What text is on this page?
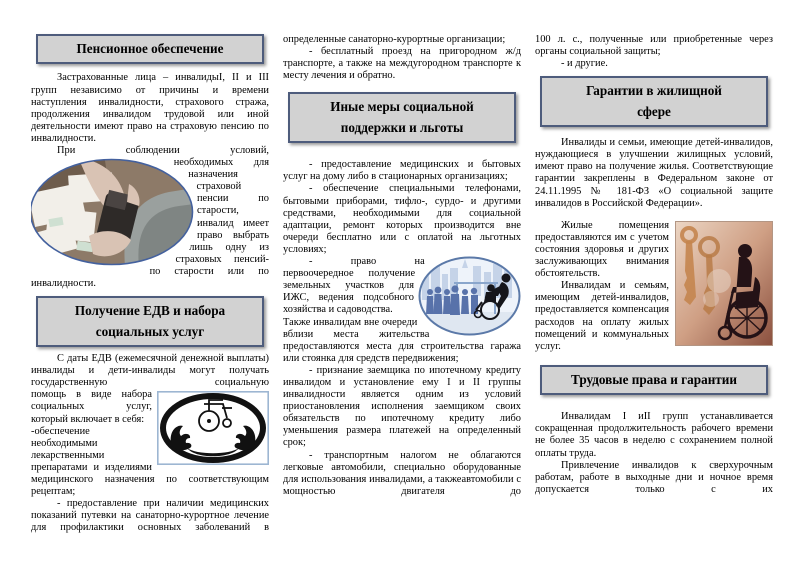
Пенсионное обеспечение

Застрахованные лица – инвалидыI, II и III групп независимо от причины и времени наступления инвалидности, страхового стража, продолжения инвалидом трудовой или иной деятельности имеют право на страховую пенсию по инвалидности.

При соблюдении условий,

необходимых для назначения страховой пенсии по старости, инвалид имеет право выбрать лишь одну из страховых пенсий- по старости или по инвалидности.

Получение ЕДВ и набора социальных услуг

С даты ЕДВ (ежемесячной денежной выплаты) инвалиды и дети-инвалиды могут получать государственную социальную

помощь в виде набора социальных услуг, который включает в себя:

-обеспечение необходимыми лекарственными препаратами и изделиями медицинского назначения по соответствующим рецептам;

- предоставление при наличии медицинских показаний путевки на санаторно-курортное лечение для профилактики основных заболеваний в

определенные санаторно-курортные организации;

- бесплатный проезд на пригородном ж/д транспорте, а также на междугородном транспорте к месту лечения и обратно.

Иные меры социальной поддержки и льготы

- предоставление медицинских и бытовых услуг на дому либо в стационарных организациях;

- обеспечение специальными телефонами, бытовыми приборами, тифло-, сурдо- и другими средствами, необходимыми для социальной адаптации, ремонт которых производится вне очереди бесплатно или с оплатой на льготных условиях;

- право на первоочередное получение земельных участков для ИЖС, ведения подсобного хозяйства и садоводства.

Также инвалидам вне очереди вблизи места жительства предоставляются места для строительства гаража или стоянка для средств передвижения;

- признание заемщика по ипотечному кредиту инвалидом и установление ему I и II группы инвалидности является одним из условий приостановления исполнения заемщиком своих обязательств по ипотечному кредиту либо уменьшения размера платежей на определенный срок;

- транспортным налогом не облагаются легковые автомобили, специально оборудованные для использования инвалидами, а такжеавтомобили с мощностью двигателя до

100 л. с., полученные или приобретенные через органы социальной защиты;

- и другие.

Гарантии в жилищной сфере

Инвалиды и семьи, имеющие детей-инвалидов, нуждающиеся в улучшении жилищных условий, имеют право на получение жилья. Соответствующие гарантии закреплены в Федеральном законе от 24.11.1995 № 181-ФЗ «О социальной защите инвалидов в Российской Федерации».

Жилые помещения предоставляются им с учетом состояния здоровья и других заслуживающих внимания обстоятельств.

Инвалидам и семьям, имеющим детей-инвалидов, предоставляется компенсация расходов на оплату жилых помещений и коммунальных услуг.

Трудовые права и гарантии

Инвалидам I иII групп устанавливается сокращенная продолжительность рабочего времени не более 35 часов в неделю с сохранением полной оплаты труда.

Привлечение инвалидов к сверхурочным работам, работе в выходные дни и ночное время допускается только с их
